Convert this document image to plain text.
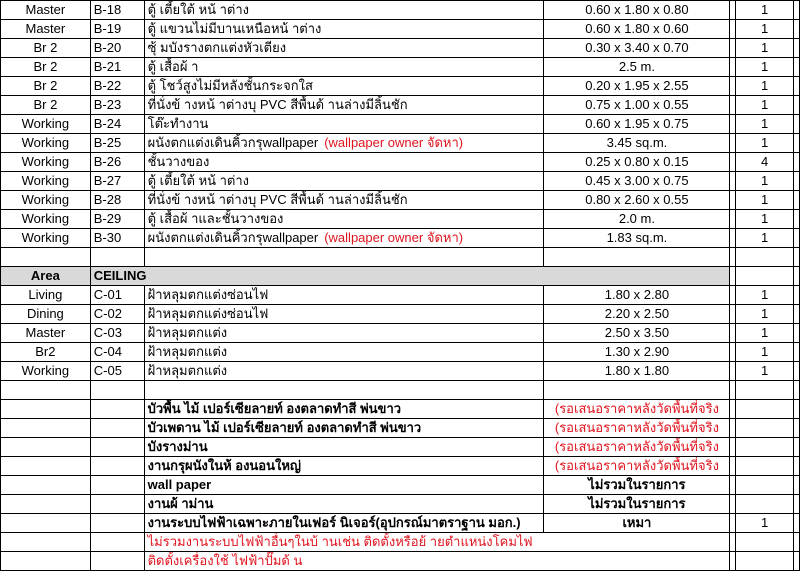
Master	B-18	ตู้ เตี้ยใต้ หน้ าต่าง	0.60 x 1.80 x 0.80		1	
Master	B-19	ตู้ แขวนไม่มีบานเหนือหน้ าต่าง	0.60 x 1.80 x 0.60		1	
Br 2	B-20	ซุ้ มบังรางตกแต่งหัวเตียง	0.30 x 3.40 x 0.70		1	
Br 2	B-21	ตู้ เสื้อผ้ า	2.5 m.		1	
Br 2	B-22	ตู้ โชว์สูงไม่มีหลังชั้นกระจกใส	0.20 x 1.95 x 2.55		1	
Br 2	B-23	ที่นั่งข้ างหน้ าต่างบุ PVC สีพื้นด้ านล่างมีลิ้นชัก	0.75 x 1.00 x 0.55		1	
Working	B-24	โต๊ะทำงาน	0.60 x 1.95 x 0.75		1	
Working	B-25	ผนังตกแต่งเดินคิ้วกรุwallpaper (wallpaper owner จัดหา)	3.45 sq.m.		1	
Working	B-26	ชั้นวางของ	0.25 x 0.80 x 0.15		4	
Working	B-27	ตู้ เตี้ยใต้ หน้ าต่าง	0.45 x 3.00 x 0.75		1	
Working	B-28	ที่นั่งข้ างหน้ าต่างบุ PVC สีพื้นด้ านล่างมีลิ้นชัก	0.80 x 2.60 x 0.55		1	
Working	B-29	ตู้ เสื้อผ้ าและชั้นวางของ	2.0 m.		1	
Working	B-30	ผนังตกแต่งเดินคิ้วกรุwallpaper (wallpaper owner จัดหา)	1.83 sq.m.		1	

Area	CEILING					
Living	C-01	ฝ้าหลุมตกแต่งซ่อนไฟ	1.80 x 2.80		1	
Dining	C-02	ฝ้าหลุมตกแต่งซ่อนไฟ	2.20 x 2.50		1	
Master	C-03	ฝ้าหลุมตกแต่ง	2.50 x 3.50		1	
Br2	C-04	ฝ้าหลุมตกแต่ง	1.30 x 2.90		1	
Working	C-05	ฝ้าหลุมตกแต่ง	1.80 x 1.80		1	

		บัวพื้น ไม้ เปอร์เซียลายท์ องตลาดทำสี พ่นขาว	(รอเสนอราคาหลังวัดพื้นที่จริง			
		บัวเพดาน ไม้ เปอร์เซียลายท์ องตลาดทำสี พ่นขาว	(รอเสนอราคาหลังวัดพื้นที่จริง			
		บังรางม่าน	(รอเสนอราคาหลังวัดพื้นที่จริง			
		งานกรุผนังในห้ องนอนใหญ่	(รอเสนอราคาหลังวัดพื้นที่จริง			
		wall paper	ไม่รวมในรายการ			
		งานผ้ าม่าน	ไม่รวมในรายการ			
		งานระบบไฟฟ้าเฉพาะภายในเฟอร์ นิเจอร์(อุปกรณ์มาตราฐาน มอก.)	เหมา		1	
		ไม่รวมงานระบบไฟฟ้าอื่นๆในบ้ านเช่น ติดตั้งหรือย้ ายตำแหน่งโคมไฟ				
		ติดตั้งเครื่องใช้ ไฟฟ้าปั๊มด้ น				
